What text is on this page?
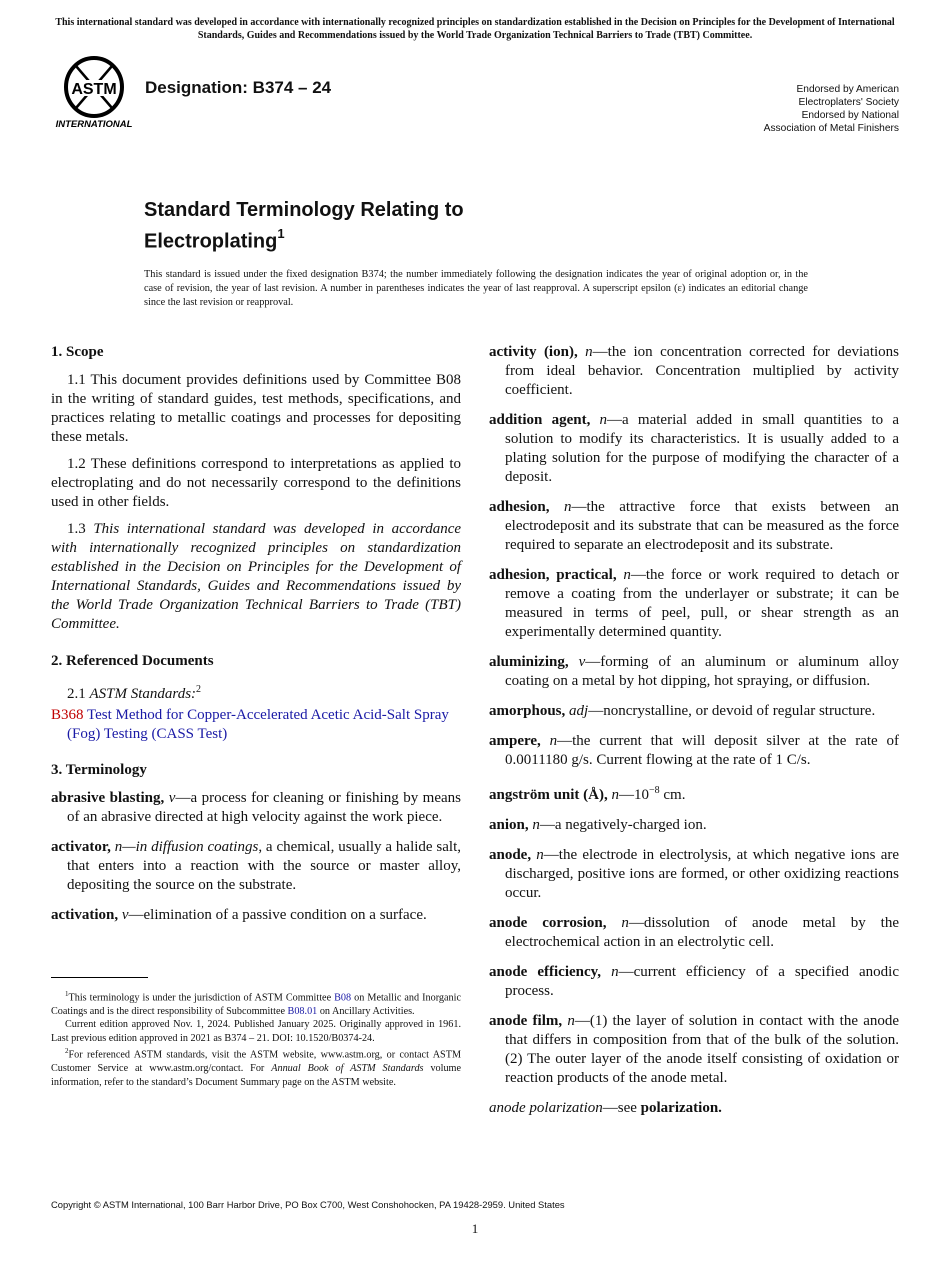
This international standard was developed in accordance with internationally recognized principles on standardization established in the Decision on Principles for the Development of International Standards, Guides and Recommendations issued by the World Trade Organization Technical Barriers to Trade (TBT) Committee.
ASTM
INTERNATIONAL
Designation: B374 – 24	Endorsed by American
Electroplaters' Society
Endorsed by National
Association of Metal Finishers
Standard Terminology Relating to
Electroplating$^1$
This standard is issued under the fixed designation B374; the number immediately following the designation indicates the year of original adoption or, in the case of revision, the year of last revision. A number in parentheses indicates the year of last reapproval. A superscript epsilon (ε) indicates an editorial change since the last revision or reapproval.
1. Scope

1.1 This document provides definitions used by Committee B08 in the writing of standard guides, test methods, specifications, and practices relating to metallic coatings and processes for depositing these metals.

1.2 These definitions correspond to interpretations as applied to electroplating and do not necessarily correspond to the definitions used in other fields.

1.3 This international standard was developed in accordance with internationally recognized principles on standardization established in the Decision on Principles for the Development of International Standards, Guides and Recommendations issued by the World Trade Organization Technical Barriers to Trade (TBT) Committee.

2. Referenced Documents

2.1 ASTM Standards:$^2$

B368 Test Method for Copper-Accelerated Acetic Acid-Salt Spray (Fog) Testing (CASS Test)

3. Terminology

abrasive blasting, v—a process for cleaning or finishing by means of an abrasive directed at high velocity against the work piece.

activator, n—in diffusion coatings, a chemical, usually a halide salt, that enters into a reaction with the source or master alloy, depositing the source on the substrate.

activation, v—elimination of a passive condition on a surface.

activity (ion), n—the ion concentration corrected for deviations from ideal behavior. Concentration multiplied by activity coefficient.

addition agent, n—a material added in small quantities to a solution to modify its characteristics. It is usually added to a plating solution for the purpose of modifying the character of a deposit.

adhesion, n—the attractive force that exists between an electrodeposit and its substrate that can be measured as the force required to separate an electrodeposit and its substrate.

adhesion, practical, n—the force or work required to detach or remove a coating from the underlayer or substrate; it can be measured in terms of peel, pull, or shear strength as an experimentally determined quantity.

aluminizing, v—forming of an aluminum or aluminum alloy coating on a metal by hot dipping, hot spraying, or diffusion.

amorphous, adj—noncrystalline, or devoid of regular structure.

ampere, n—the current that will deposit silver at the rate of 0.0011180 g/s. Current flowing at the rate of 1 C/s.

angström unit (Å), $n—10^{-8}$ cm.

anion, n—a negatively-charged ion.

anode, n—the electrode in electrolysis, at which negative ions are discharged, positive ions are formed, or other oxidizing reactions occur.

anode corrosion, n—dissolution of anode metal by the electrochemical action in an electrolytic cell.

anode efficiency, n—current efficiency of a specified anodic process.

anode film, n—(1) the layer of solution in contact with the anode that differs in composition from that of the bulk of the solution. (2) The outer layer of the anode itself consisting of oxidation or reaction products of the anode metal.

anode polarization—see polarization.

$^1$This terminology is under the jurisdiction of ASTM Committee B08 on Metallic and Inorganic Coatings and is the direct responsibility of Subcommittee B08.01 on Ancillary Activities.

Current edition approved Nov. 1, 2024. Published January 2025. Originally approved in 1961. Last previous edition approved in 2021 as B374 – 21. DOI: 10.1520/B0374-24.

$^2$For referenced ASTM standards, visit the ASTM website, www.astm.org, or contact ASTM Customer Service at www.astm.org/contact. For Annual Book of ASTM Standards volume information, refer to the standard’s Document Summary page on the ASTM website.

Copyright © ASTM International, 100 Barr Harbor Drive, PO Box C700, West Conshohocken, PA 19428-2959. United States
1
